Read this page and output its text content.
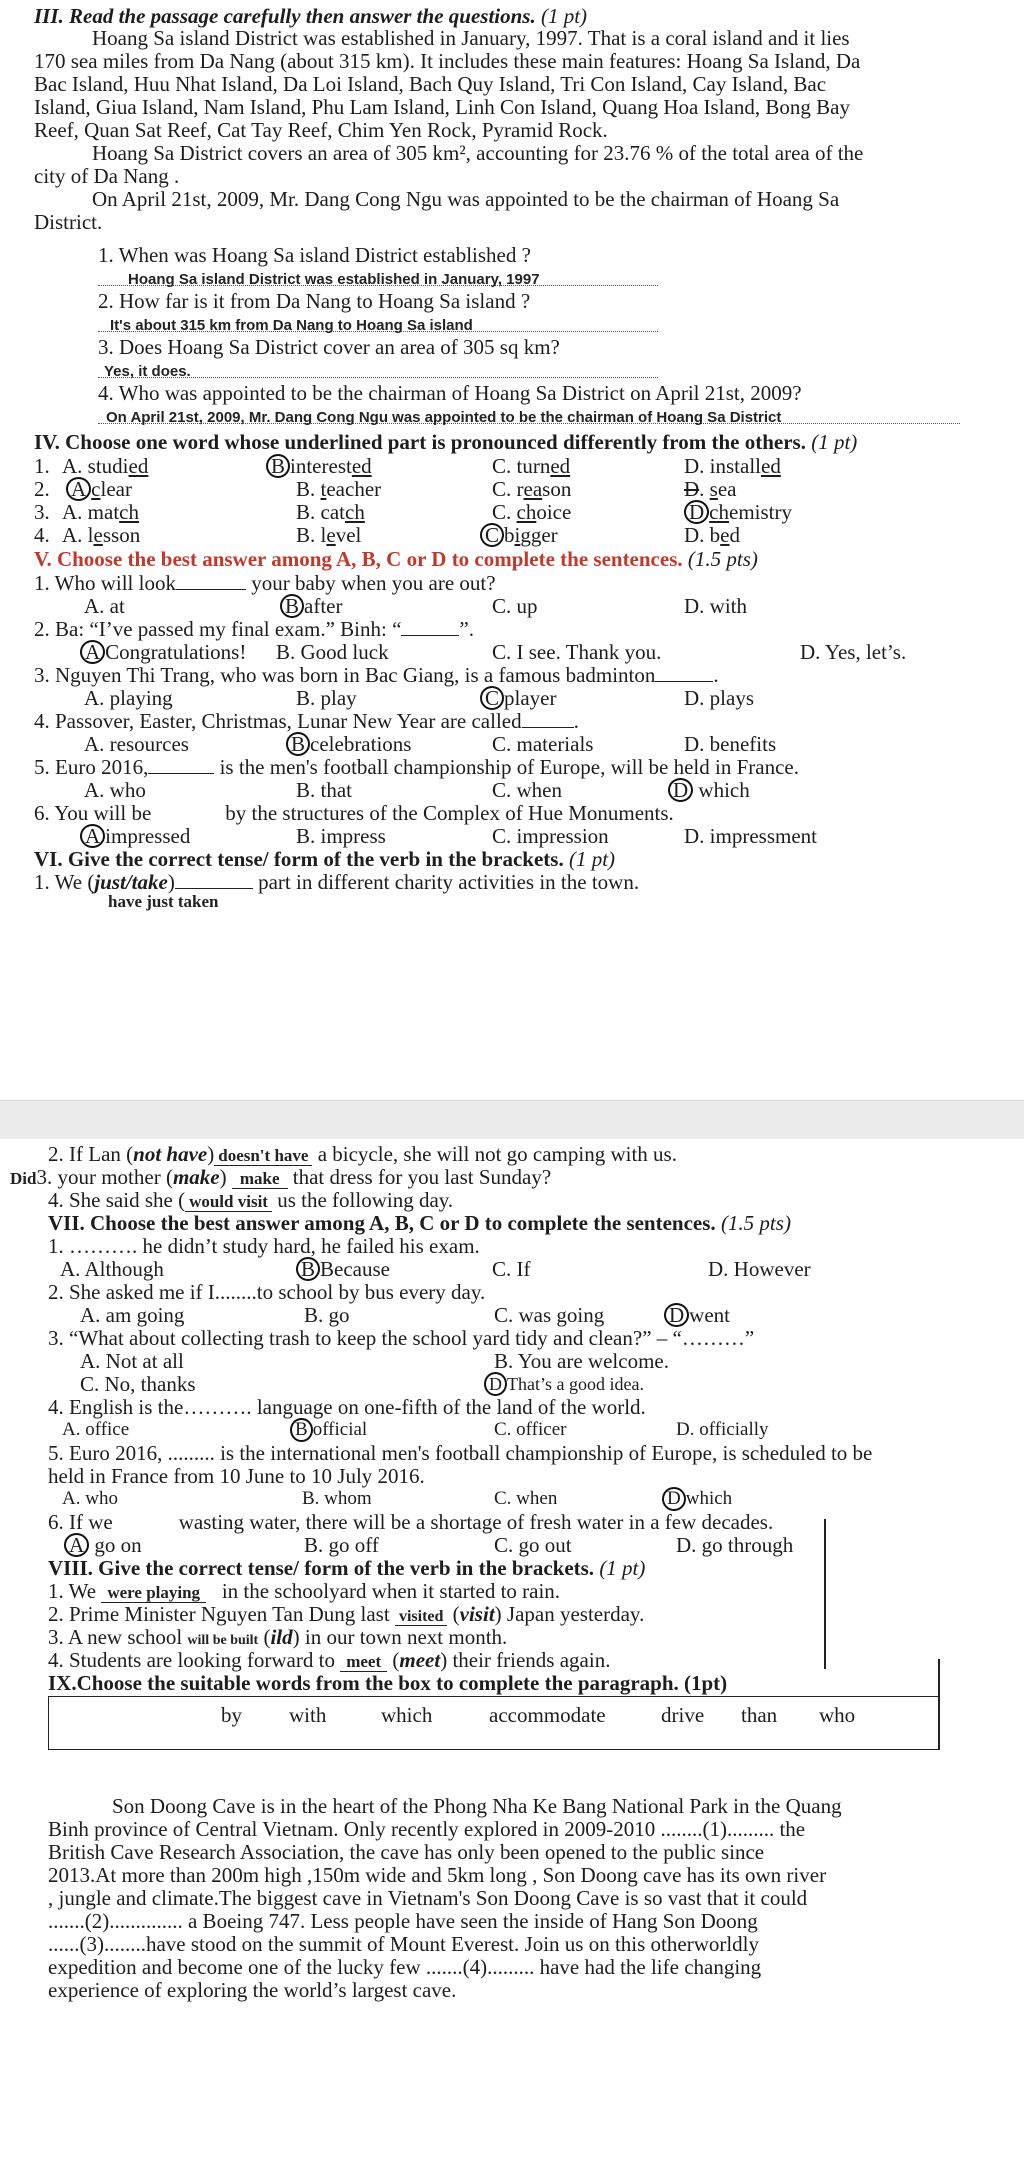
III. Read the passage carefully then answer the questions. (1 pt)
Hoang Sa island District was established in January, 1997. That is a coral island and it lies
170 sea miles from Da Nang (about 315 km). It includes these main features: Hoang Sa Island, Da
Bac Island, Huu Nhat Island, Da Loi Island, Bach Quy Island, Tri Con Island, Cay Island, Bac
Island, Giua Island, Nam Island, Phu Lam Island, Linh Con Island, Quang Hoa Island, Bong Bay
Reef, Quan Sat Reef, Cat Tay Reef, Chim Yen Rock, Pyramid Rock.
Hoang Sa District covers an area of 305 km², accounting for 23.76 % of the total area of the
city of Da Nang .
On April 21st, 2009, Mr. Dang Cong Ngu was appointed to be the chairman of Hoang Sa
District.
1. When was Hoang Sa island District established ?
Hoang Sa island District was established in January, 1997
2. How far is it from Da Nang to Hoang Sa island ?
It's about 315 km from Da Nang to Hoang Sa island
3. Does Hoang Sa District cover an area of 305 sq km?
Yes, it does.
4. Who was appointed to be the chairman of Hoang Sa District on April 21st, 2009?
On April 21st, 2009, Mr. Dang Cong Ngu was appointed to be the chairman of Hoang Sa District
IV. Choose one word whose underlined part is pronounced differently from the others. (1 pt)
1. A. studied	B interested	C. turned	D. installed
2. A clear	B. teacher	C. reason	D. sea
3. A. match	B. catch	C. choice	D chemistry
4. A. lesson	B. level	C bigger	D. bed
V. Choose the best answer among A, B, C or D to complete the sentences. (1.5 pts)
1. Who will look	your baby when you are out?
A. at	B after	C. up	D. with
2. Ba: “I’ve passed my final exam.” Binh: “	”.
A Congratulations! B. Good luck	C. I see. Thank you.	D. Yes, let’s.
3. Nguyen Thi Trang, who was born in Bac Giang, is a famous badminton	.
A. playing	B. play	C player	D. plays
4. Passover, Easter, Christmas, Lunar New Year are called .
A. resources	B celebrations	C. materials	D. benefits
5. Euro 2016,	is the men's football championship of Europe, will be held in France.
A. who	B. that	C. when	D which
6. You will be	by the structures of the Complex of Hue Monuments.
A impressed	B. impress	C. impression	D. impressment
VI. Give the correct tense/ form of the verb in the brackets. (1 pt)
1. We (just/take)	part in different charity activities in the town.
have just taken
2. If Lan (not have) doesn't have a bicycle, she will not go camping with us.
Did3. your mother (make) make that dress for you last Sunday?
4. She said she ( would visit us the following day.
VII. Choose the best answer among A, B, C or D to complete the sentences. (1.5 pts)
1. ………. he didn’t study hard, he failed his exam.
A. Although	B Because	C. If	D. However
2. She asked me if I........to school by bus every day.
A. am going	B. go	C. was going	D went
3. “What about collecting trash to keep the school yard tidy and clean?” – “………”
A. Not at all	B. You are welcome.
C. No, thanks	D That’s a good idea.
4. English is the………. language on one-fifth of the land of the world.
A. office	B official	C. officer	D. officially
5. Euro 2016, ......... is the international men's football championship of Europe, is scheduled to be
held in France from 10 June to 10 July 2016.
A. who	B. whom	C. when	D which
6. If we	wasting water, there will be a shortage of fresh water in a few decades.
A go on	B. go off	C. go out	D. go through
VIII. Give the correct tense/ form of the verb in the brackets. (1 pt)
1. We were playing in the schoolyard when it started to rain.
2. Prime Minister Nguyen Tan Dung last visited (visit) Japan yesterday.
3. A new school will be built (ild) in our town next month.
4. Students are looking forward to meet (meet) their friends again.
IX.Choose the suitable words from the box to complete the paragraph. (1pt)
by with	which	accommodate	drive than who
Son Doong Cave is in the heart of the Phong Nha Ke Bang National Park in the Quang
Binh province of Central Vietnam. Only recently explored in 2009-2010 ........(1)......... the
British Cave Research Association, the cave has only been opened to the public since
2013.At more than 200m high ,150m wide and 5km long , Son Doong cave has its own river
, jungle and climate.The biggest cave in Vietnam's Son Doong Cave is so vast that it could
.......(2).............. a Boeing 747. Less people have seen the inside of Hang Son Doong
......(3)........have stood on the summit of Mount Everest. Join us on this otherworldly
expedition and become one of the lucky few .......(4)......... have had the life changing
experience of exploring the world’s largest cave.
